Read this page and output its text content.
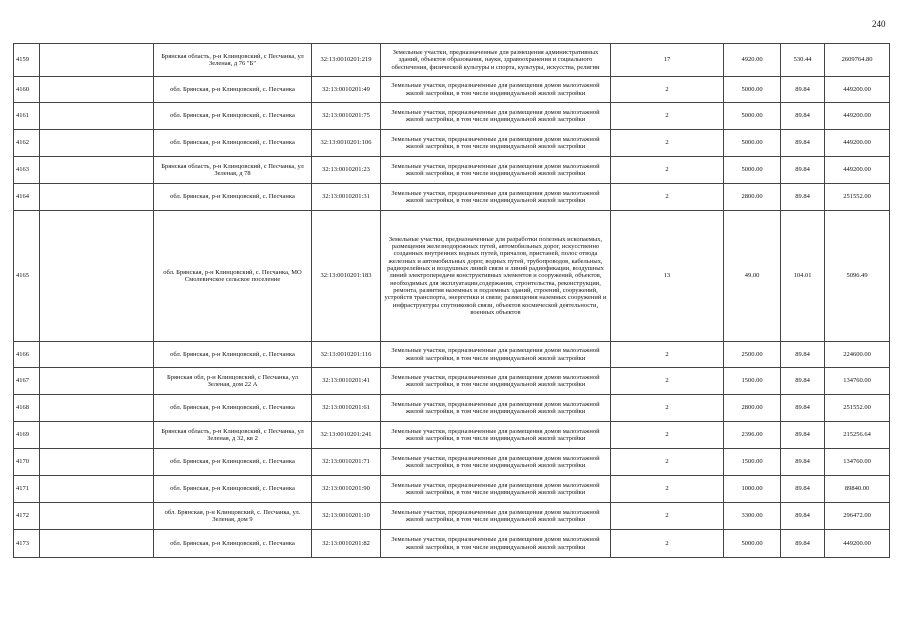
240
4159		Брянская область, р-н Клинцовский, с Песчанка, ул Зеленая, д 76 "Б"	32:13:0010201:219	Земельные участки, предназначенные для размещения административных зданий, объектов образования, науки, здравоохранения и социального обеспечения, физической культуры и спорта, культуры, искусства, религии	17	4920.00	530.44	2609764.80
4160		обл. Брянская, р-н Клинцовский, с. Песчанка	32:13:0010201:49	Земельные участки, предназначенные для размещения домов малоэтажной жилой застройки, в том числе индивидуальной жилой застройки	2	5000.00	89.84	449200.00
4161		обл. Брянская, р-н Клинцовский, с. Песчанка	32:13:0010201:75	Земельные участки, предназначенные для размещения домов малоэтажной жилой застройки, в том числе индивидуальной жилой застройки	2	5000.00	89.84	449200.00
4162		обл. Брянская, р-н Клинцовский, с. Песчанка	32:13:0010201:106	Земельные участки, предназначенные для размещения домов малоэтажной жилой застройки, в том числе индивидуальной жилой застройки	2	5000.00	89.84	449200.00
4163		Брянская область, р-н Клинцовский, с Песчанка, ул Зеленая, д 78	32:13:0010201:23	Земельные участки, предназначенные для размещения домов малоэтажной жилой застройки, в том числе индивидуальной жилой застройки	2	5000.00	89.84	449200.00
4164		обл. Брянская, р-н Клинцовский, с. Песчанка	32:13:0010201:31	Земельные участки, предназначенные для размещения домов малоэтажной жилой застройки, в том числе индивидуальной жилой застройки	2	2800.00	89.84	251552.00
4165		обл. Брянская, р-н Клинцовский, с. Песчанка, МО Смолевичское сельское поселение	32:13:0010201:183	Земельные участки, предназначенные для разработки полезных ископаемых, размещения железнодорожных путей, автомобильных дорог, искусственно созданных внутренних водных путей, причалов, пристаней, полос отвода железных и автомобильных дорог, водных путей, трубопроводов, кабельных, радиорелейных и воздушных линий связи и линий радиофикации, воздушных линий электропередачи конструктивных элементов и сооружений, объектов, необходимых для эксплуатации,содержания, строительства, реконструкции, ремонта, развития наземных и подземных зданий, строений, сооружений, устройств транспорта, энергетики и связи; размещения наземных сооружений и инфраструктуры спутниковой связи, объектов космической деятельности, военных объектов	13	49.00	104.01	5096.49
4166		обл. Брянская, р-н Клинцовский, с. Песчанка	32:13:0010201:116	Земельные участки, предназначенные для размещения домов малоэтажной жилой застройки, в том числе индивидуальной жилой застройки	2	2500.00	89.84	224600.00
4167		Брянская обл, р-н Клинцовский, с Песчанка, ул Зеленая, дом 22 А	32:13:0010201:41	Земельные участки, предназначенные для размещения домов малоэтажной жилой застройки, в том числе индивидуальной жилой застройки	2	1500.00	89.84	134760.00
4168		обл. Брянская, р-н Клинцовский, с. Песчанка	32:13:0010201:61	Земельные участки, предназначенные для размещения домов малоэтажной жилой застройки, в том числе индивидуальной жилой застройки	2	2800.00	89.84	251552.00
4169		Брянская область, р-н Клинцовский, с Песчанка, ул Зеленая, д 32, кв 2	32:13:0010201:241	Земельные участки, предназначенные для размещения домов малоэтажной жилой застройки, в том числе индивидуальной жилой застройки	2	2396.00	89.84	215256.64
4170		обл. Брянская, р-н Клинцовский, с. Песчанка	32:13:0010201:71	Земельные участки, предназначенные для размещения домов малоэтажной жилой застройки, в том числе индивидуальной жилой застройки	2	1500.00	89.84	134760.00
4171		обл. Брянская, р-н Клинцовский, с. Песчанка	32:13:0010201:90	Земельные участки, предназначенные для размещения домов малоэтажной жилой застройки, в том числе индивидуальной жилой застройки	2	1000.00	89.84	89840.00
4172		обл. Брянская, р-н Клинцовский, с. Песчанка, ул. Зеленая, дом 9	32:13:0010201:10	Земельные участки, предназначенные для размещения домов малоэтажной жилой застройки, в том числе индивидуальной жилой застройки	2	3300.00	89.84	296472.00
4173		обл. Брянская, р-н Клинцовский, с. Песчанка	32:13:0010201:82	Земельные участки, предназначенные для размещения домов малоэтажной жилой застройки, в том числе индивидуальной жилой застройки	2	5000.00	89.84	449200.00
